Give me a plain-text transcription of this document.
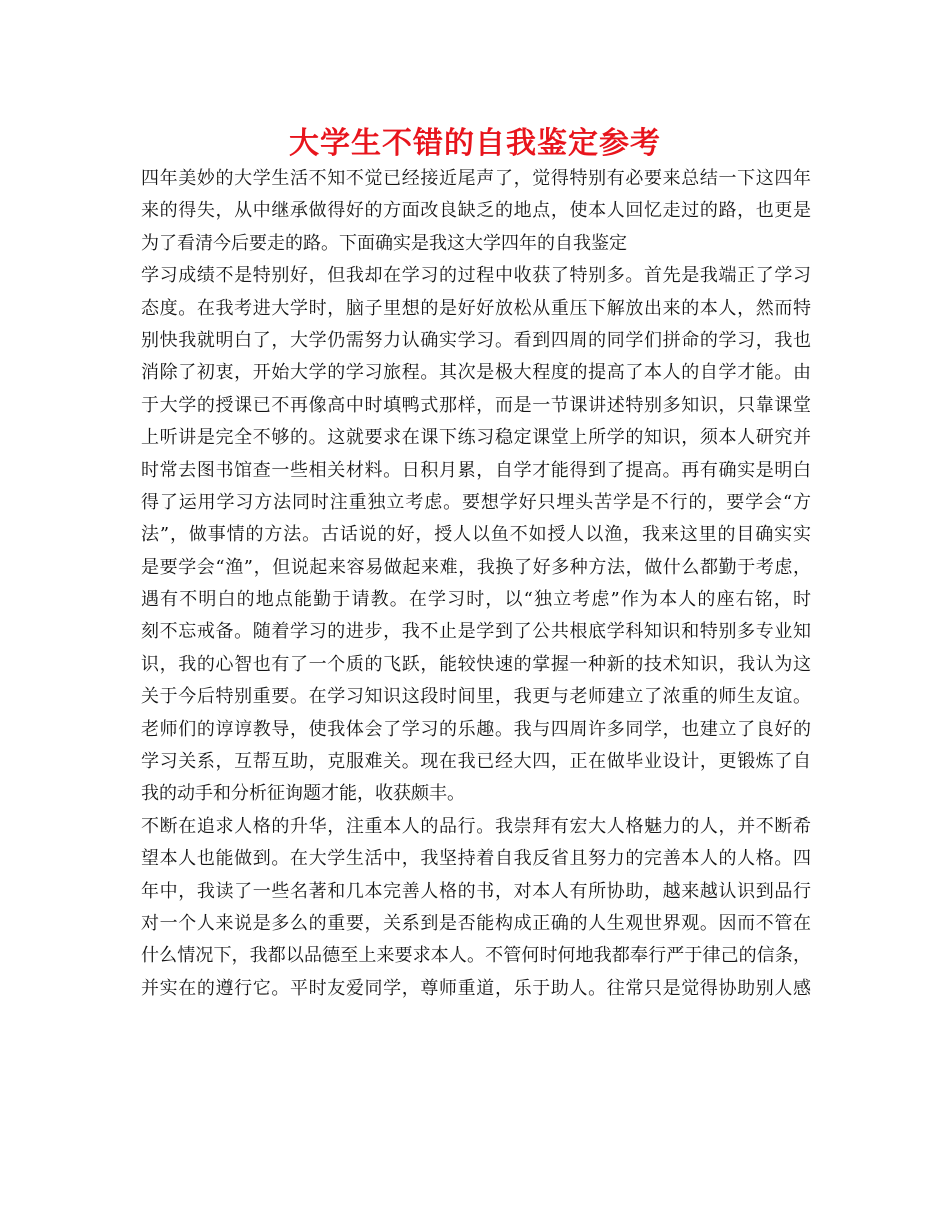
大学生不错的自我鉴定参考
四年美妙的大学生活不知不觉已经接近尾声了，觉得特别有必要来总结一下这四年
来的得失，从中继承做得好的方面改良缺乏的地点，使本人回忆走过的路，也更是
为了看清今后要走的路。下面确实是我这大学四年的自我鉴定
学习成绩不是特别好，但我却在学习的过程中收获了特别多。首先是我端正了学习
态度。在我考进大学时，脑子里想的是好好放松从重压下解放出来的本人，然而特
别快我就明白了，大学仍需努力认确实学习。看到四周的同学们拼命的学习，我也
消除了初衷，开始大学的学习旅程。其次是极大程度的提高了本人的自学才能。由
于大学的授课已不再像高中时填鸭式那样，而是一节课讲述特别多知识，只靠课堂
上听讲是完全不够的。这就要求在课下练习稳定课堂上所学的知识，须本人研究并
时常去图书馆查一些相关材料。日积月累，自学才能得到了提高。再有确实是明白
得了运用学习方法同时注重独立考虑。要想学好只埋头苦学是不行的，要学会“方
法”，做事情的方法。古话说的好，授人以鱼不如授人以渔，我来这里的目确实实
是要学会“渔”，但说起来容易做起来难，我换了好多种方法，做什么都勤于考虑，
遇有不明白的地点能勤于请教。在学习时，以“独立考虑”作为本人的座右铭，时
刻不忘戒备。随着学习的进步，我不止是学到了公共根底学科知识和特别多专业知
识，我的心智也有了一个质的飞跃，能较快速的掌握一种新的技术知识，我认为这
关于今后特别重要。在学习知识这段时间里，我更与老师建立了浓重的师生友谊。
老师们的谆谆教导，使我体会了学习的乐趣。我与四周许多同学，也建立了良好的
学习关系，互帮互助，克服难关。现在我已经大四，正在做毕业设计，更锻炼了自
我的动手和分析征询题才能，收获颇丰。
不断在追求人格的升华，注重本人的品行。我崇拜有宏大人格魅力的人，并不断希
望本人也能做到。在大学生活中，我坚持着自我反省且努力的完善本人的人格。四
年中，我读了一些名著和几本完善人格的书，对本人有所协助，越来越认识到品行
对一个人来说是多么的重要，关系到是否能构成正确的人生观世界观。因而不管在
什么情况下，我都以品德至上来要求本人。不管何时何地我都奉行严于律己的信条，
并实在的遵行它。平时友爱同学，尊师重道，乐于助人。往常只是觉得协助别人感
